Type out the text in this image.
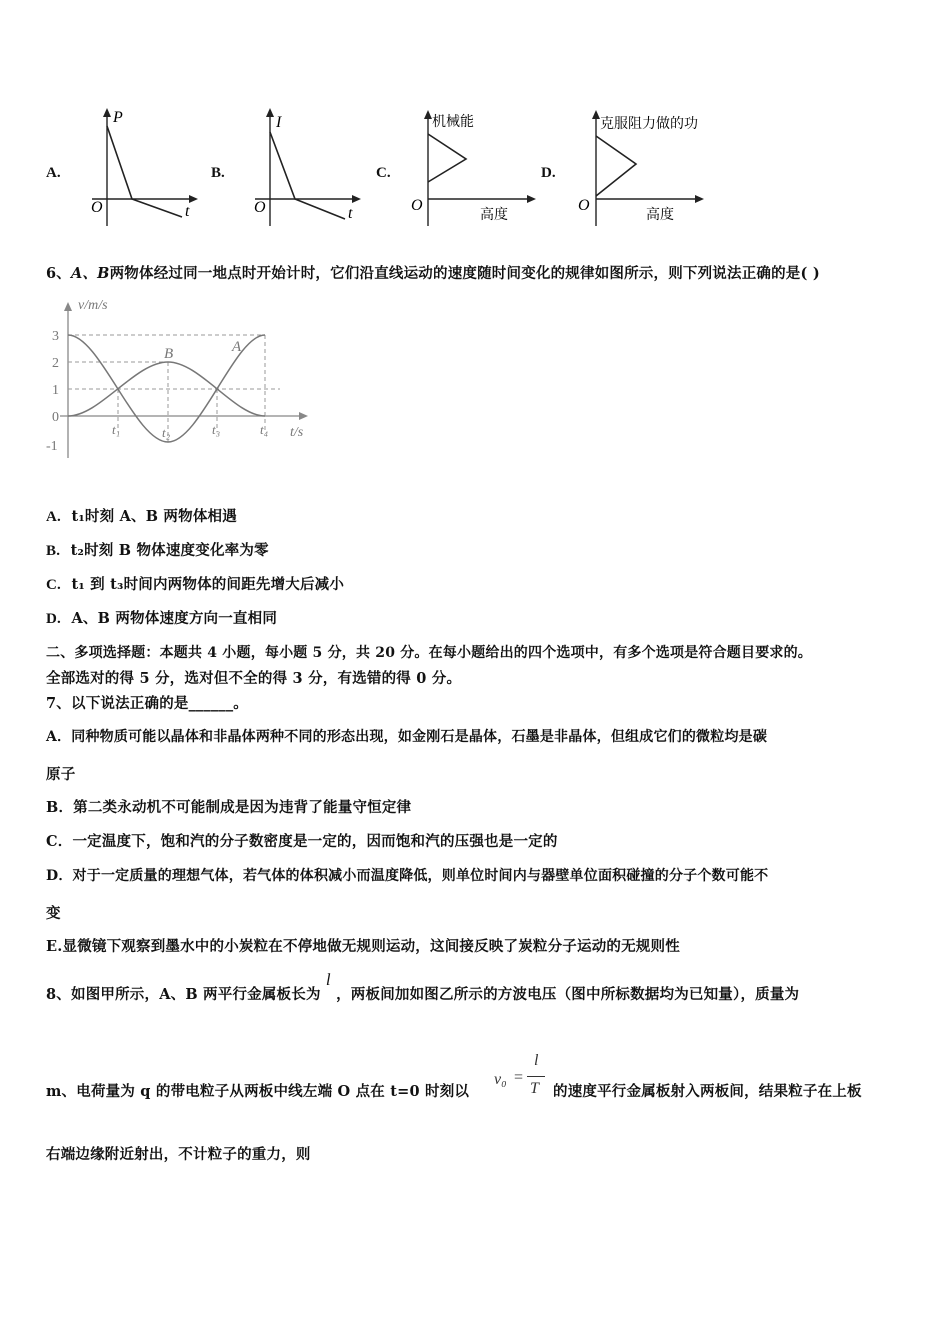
A.
P
t
O
B.
I
t
O
C.
机械能
高度
O
D.
克服阻力做的功
高度
O
6、A、B两物体经过同一地点时开始计时，它们沿直线运动的速度随时间变化的规律如图所示，则下列说法正确的是( )
v/m/s
t/s
3
2
1
0
-1
t₁	t₂	t₃	t₄
A
B
A. t₁时刻 A、B 两物体相遇
B. t₂时刻 B 物体速度变化率为零
C. t₁ 到 t₃时间内两物体的间距先增大后减小
D. A、B 两物体速度方向一直相同
二、多项选择题：本题共 4 小题，每小题 5 分，共 20 分。在每小题给出的四个选项中，有多个选项是符合题目要求的。
全部选对的得 5 分，选对但不全的得 3 分，有选错的得 0 分。
7、以下说法正确的是______。
A．同种物质可能以晶体和非晶体两种不同的形态出现，如金刚石是晶体，石墨是非晶体，但组成它们的微粒均是碳
原子
B．第二类永动机不可能制成是因为违背了能量守恒定律
C．一定温度下，饱和汽的分子数密度是一定的，因而饱和汽的压强也是一定的
D．对于一定质量的理想气体，若气体的体积减小而温度降低，则单位时间内与器壁单位面积碰撞的分子个数可能不
变
E.显微镜下观察到墨水中的小炭粒在不停地做无规则运动，这间接反映了炭粒分子运动的无规则性
8、如图甲所示，A、B 两平行金属板长为 l ，两板间加如图乙所示的方波电压（图中所标数据均为已知量），质量为
m、电荷量为 q 的带电粒子从两板中线左端 O 点在 t=0 时刻以
v₀ =
l
T 的速度平行金属板射入两板间，结果粒子在上板
右端边缘附近射出，不计粒子的重力，则
